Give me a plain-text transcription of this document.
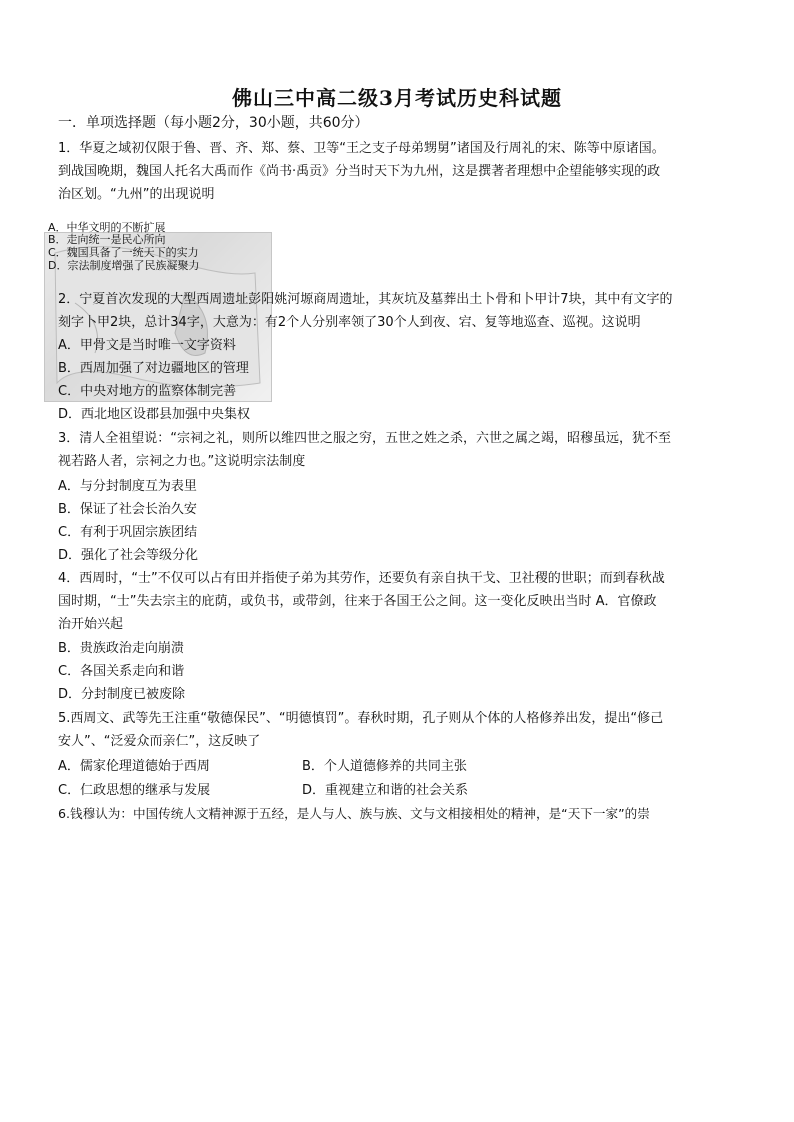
佛山三中高二级3月考试历史科试题
一．单项选择题（每小题2分，30小题，共60分）
1．华夏之域初仅限于鲁、晋、齐、郑、蔡、卫等“王之支子母弟甥舅”诸国及行周礼的宋、陈等中原诸国。
到战国晚期，魏国人托名大禹而作《尚书·禹贡》分当时天下为九州，这是撰著者理想中企望能够实现的政
治区划。“九州”的出现说明
A．中华文明的不断扩展
B．走向统一是民心所向
C．魏国具备了一统天下的实力
D．宗法制度增强了民族凝聚力
2．宁夏首次发现的大型西周遗址彭阳姚河塬商周遗址，其灰坑及墓葬出土卜骨和卜甲计7块，其中有文字的
刻字卜甲2块，总计34字，大意为：有2个人分别率领了30个人到夜、宕、复等地巡查、巡视。这说明
A．甲骨文是当时唯一文字资料
B．西周加强了对边疆地区的管理
C．中央对地方的监察体制完善
D．西北地区设郡县加强中央集权
3．清人全祖望说：“宗祠之礼，则所以维四世之服之穷，五世之姓之杀，六世之属之竭，昭穆虽远，犹不至
视若路人者，宗祠之力也。”这说明宗法制度
A．与分封制度互为表里
B．保证了社会长治久安
C．有利于巩固宗族团结
D．强化了社会等级分化
4．西周时，“士”不仅可以占有田并指使子弟为其劳作，还要负有亲自执干戈、卫社稷的世职；而到春秋战
国时期，“士”失去宗主的庇荫，或负书，或带剑，往来于各国王公之间。这一变化反映出当时 A．官僚政
治开始兴起
B．贵族政治走向崩溃
C．各国关系走向和谐
D．分封制度已被废除
5.西周文、武等先王注重“敬德保民”、“明德慎罚”。春秋时期，孔子则从个体的人格修养出发，提出“修己
安人”、“泛爱众而亲仁”，这反映了
A．儒家伦理道德始于西周	B．个人道德修养的共同主张
C．仁政思想的继承与发展	D．重视建立和谐的社会关系
6.钱穆认为：中国传统人文精神源于五经，是人与人、族与族、文与文相接相处的精神，是“天下一家”的崇
